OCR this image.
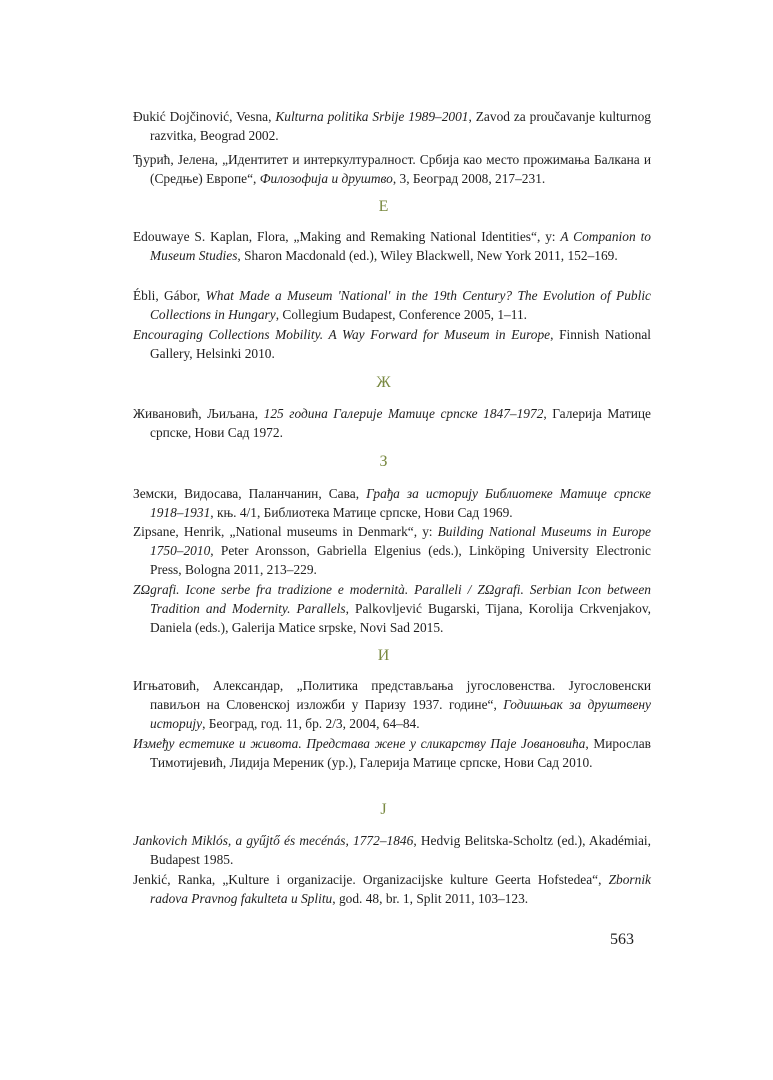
Đukić Dojčinović, Vesna, Kulturna politika Srbije 1989–2001, Zavod za proučavanje kulturnog razvitka, Beograd 2002.
Ђурић, Јелена, „Идентитет и интеркултуралност. Србија као место прожимања Балкана и (Средње) Европе“, Филозофија и друштво, 3, Београд 2008, 217–231.
Е
Edouwaye S. Kaplan, Flora, „Making and Remaking National Identities“, у: A Companion to Museum Studies, Sharon Macdonald (ed.), Wiley Blackwell, New York 2011, 152–169.
Ébli, Gábor, What Made a Museum 'National' in the 19th Century? The Evolution of Public Collections in Hungary, Collegium Budapest, Conference 2005, 1–11.
Encouraging Collections Mobility. A Way Forward for Museum in Europe, Finnish National Gallery, Helsinki 2010.
Ж
Живановић, Љиљана, 125 година Галерије Матице српске 1847–1972, Галерија Матице српске, Нови Сад 1972.
З
Земски, Видосава, Паланчанин, Сава, Грађа за историју Библиотеке Матице српске 1918–1931, књ. 4/1, Библиотека Матице српске, Нови Сад 1969.
Zipsane, Henrik, „National museums in Denmark“, у: Building National Museums in Europe 1750–2010, Peter Aronsson, Gabriella Elgenius (eds.), Linköping University Electronic Press, Bologna 2011, 213–229.
ZΩgrafi. Icone serbe fra tradizione e modernità. Paralleli / ZΩgrafi. Serbian Icon between Tradition and Modernity. Parallels, Palkovljević Bugarski, Tijana, Korolija Crkvenjakov, Daniela (eds.), Galerija Matice srpske, Novi Sad 2015.
И
Игњатовић, Александар, „Политика представљања југословенства. Југословенски павиљон на Словенској изложби у Паризу 1937. године“, Годишњак за друштвену историју, Београд, год. 11, бр. 2/3, 2004, 64–84.
Између естетике и живота. Представа жене у сликарству Паје Јовановића, Мирослав Тимотијевић, Лидија Мереник (ур.), Галерија Матице српске, Нови Сад 2010.
Ј
Jankovich Miklós, a gyűjtő és mecénás, 1772–1846, Hedvig Belitska-Scholtz (ed.), Akadémiai, Budapest 1985.
Jenkić, Ranka, „Kulture i organizacije. Organizacijske kulture Geerta Hofstedea“, Zbornik radova Pravnog fakulteta u Splitu, god. 48, br. 1, Split 2011, 103–123.
563
